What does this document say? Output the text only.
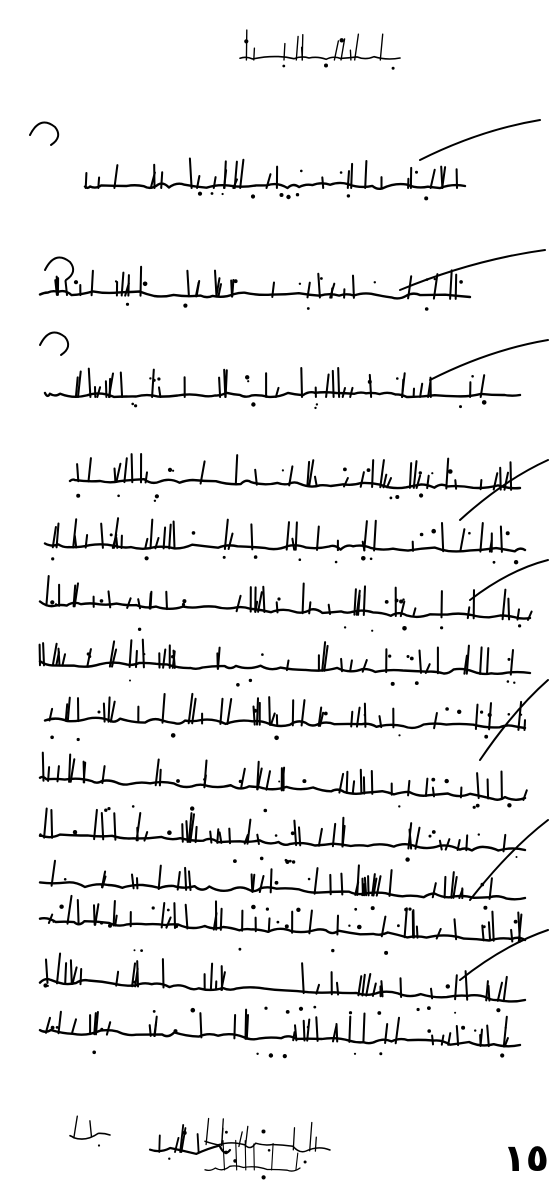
١٥
